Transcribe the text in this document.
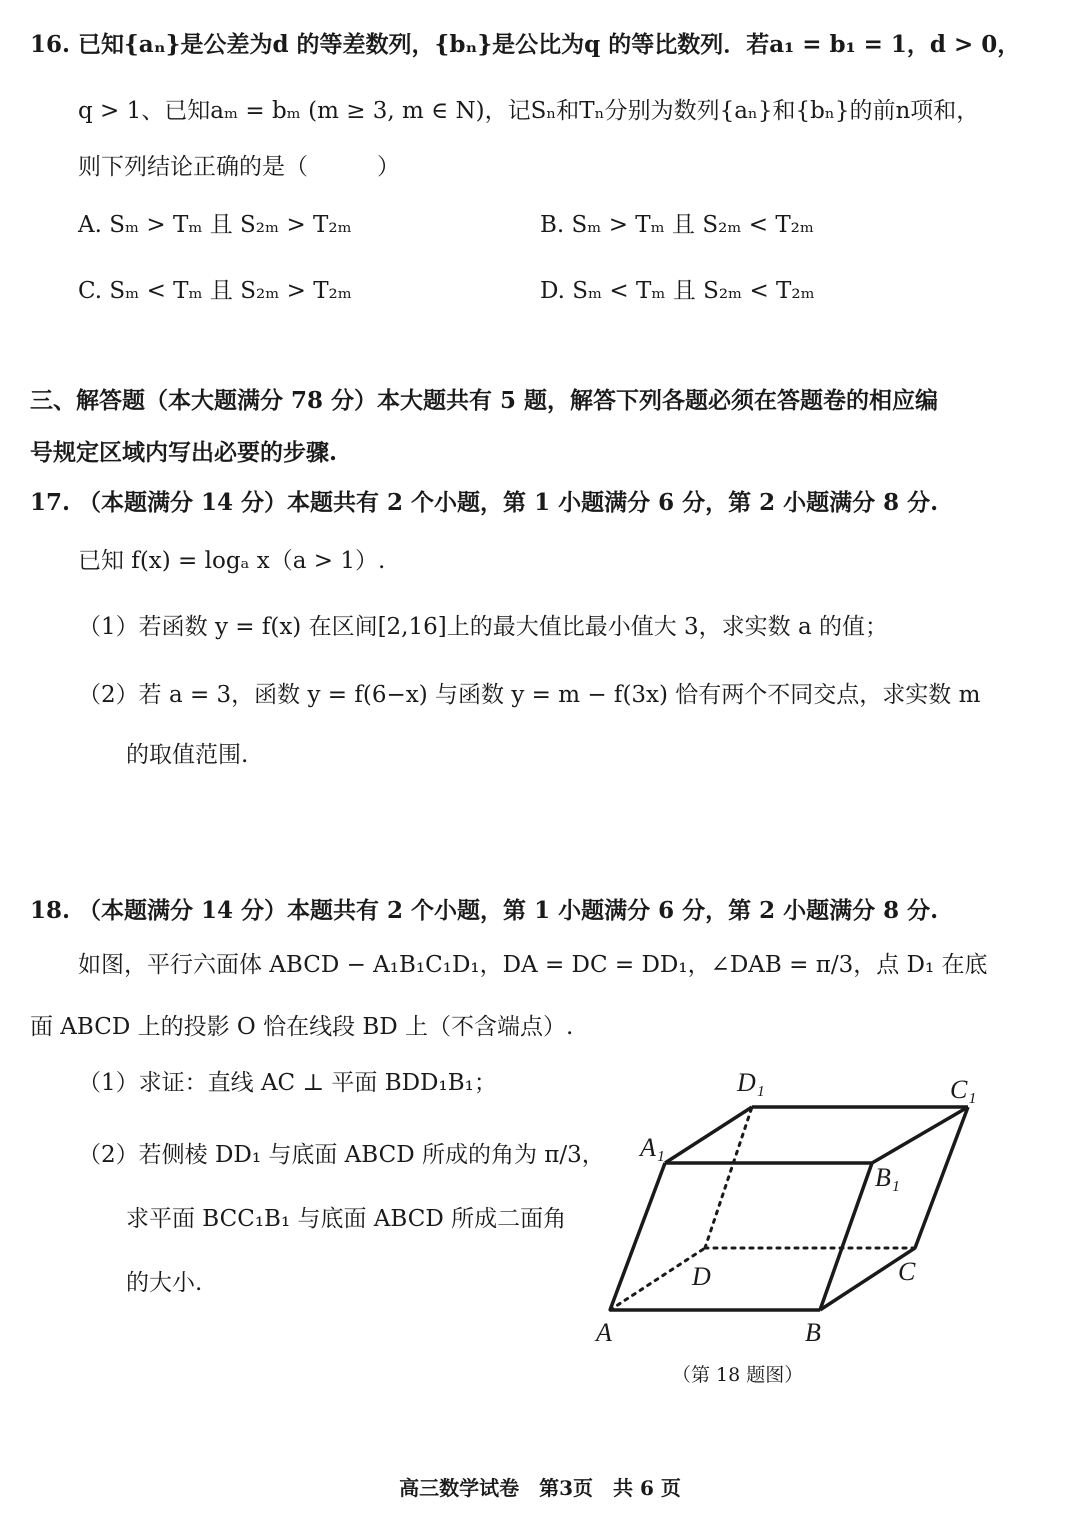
16. 已知{aₙ}是公差为d 的等差数列，{bₙ}是公比为q 的等比数列．若a₁ = b₁ = 1，d > 0，
q > 1、已知aₘ = bₘ (m ≥ 3, m ∈ N)，记Sₙ和Tₙ分别为数列{aₙ}和{bₙ}的前n项和，
则下列结论正确的是（　　　）
A. Sₘ > Tₘ 且 S₂ₘ > T₂ₘ	B. Sₘ > Tₘ 且 S₂ₘ < T₂ₘ
C. Sₘ < Tₘ 且 S₂ₘ > T₂ₘ	D. Sₘ < Tₘ 且 S₂ₘ < T₂ₘ
三、解答题（本大题满分 78 分）本大题共有 5 题，解答下列各题必须在答题卷的相应编
号规定区域内写出必要的步骤.
17. （本题满分 14 分）本题共有 2 个小题，第 1 小题满分 6 分，第 2 小题满分 8 分.
已知 f(x) = logₐ x（a > 1）.
（1）若函数 y = f(x) 在区间[2,16]上的最大值比最小值大 3，求实数 a 的值；
（2）若 a = 3，函数 y = f(6−x) 与函数 y = m − f(3x) 恰有两个不同交点，求实数 m
的取值范围.
18. （本题满分 14 分）本题共有 2 个小题，第 1 小题满分 6 分，第 2 小题满分 8 分.
如图，平行六面体 ABCD − A₁B₁C₁D₁，DA = DC = DD₁，∠DAB = π/3，点 D₁ 在底
面 ABCD 上的投影 O 恰在线段 BD 上（不含端点）.
（1）求证：直线 AC ⊥ 平面 BDD₁B₁；
（2）若侧棱 DD₁ 与底面 ABCD 所成的角为 π/3，
求平面 BCC₁B₁ 与底面 ABCD 所成二面角
的大小.
D₁	C₁
A₁
B₁
D	C
A	B
（第 18 题图）
高三数学试卷　第3页　共 6 页
